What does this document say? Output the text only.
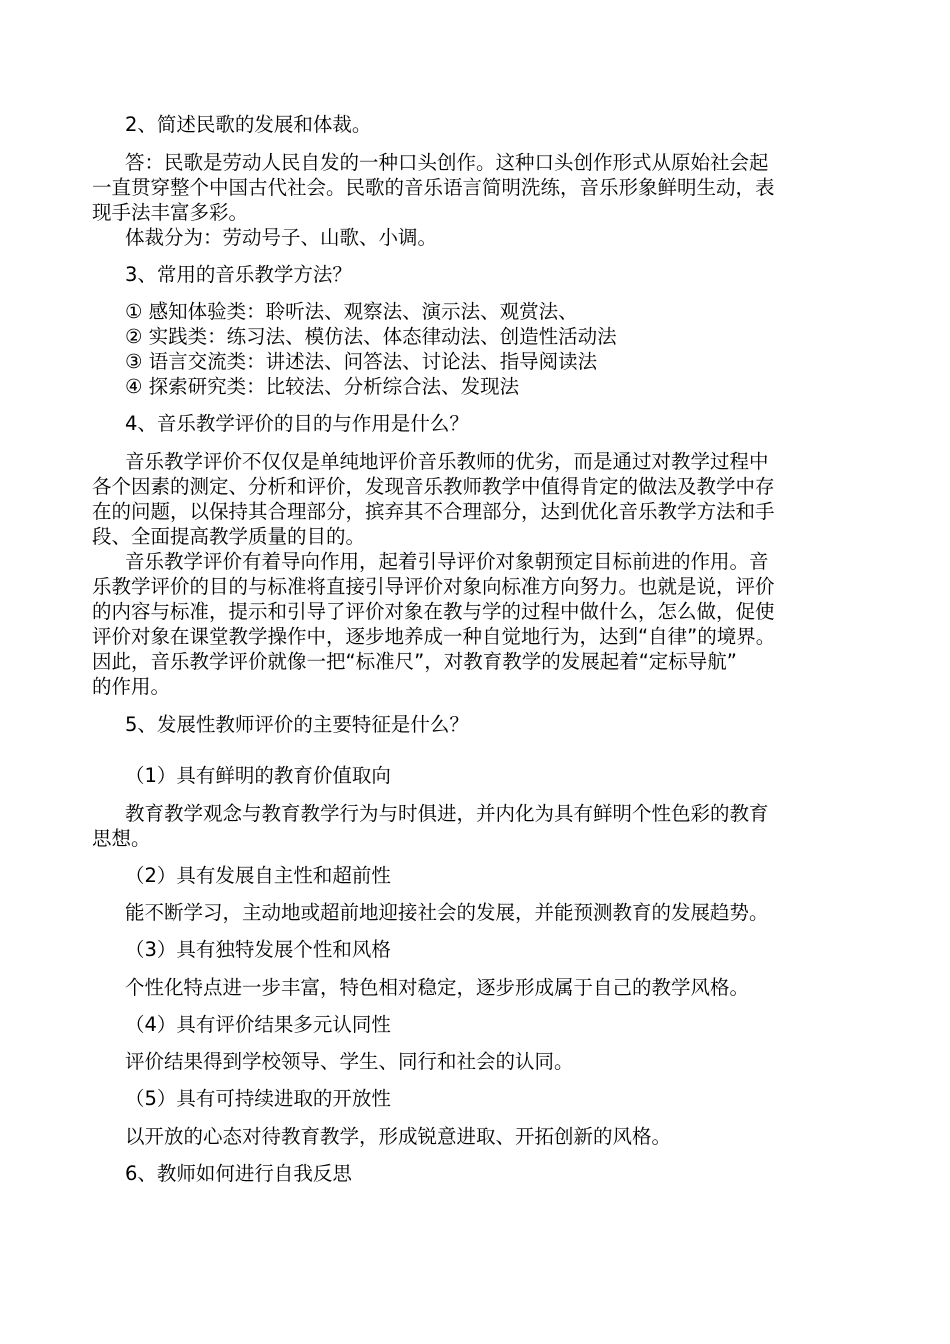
2、简述民歌的发展和体裁。
答：民歌是劳动人民自发的一种口头创作。这种口头创作形式从原始社会起
一直贯穿整个中国古代社会。民歌的音乐语言简明洗练，音乐形象鲜明生动，表
现手法丰富多彩。
体裁分为：劳动号子、山歌、小调。
3、常用的音乐教学方法？
① 感知体验类：聆听法、观察法、演示法、观赏法、
② 实践类：练习法、模仿法、体态律动法、创造性活动法
③ 语言交流类：讲述法、问答法、讨论法、指导阅读法
④ 探索研究类：比较法、分析综合法、发现法
4、音乐教学评价的目的与作用是什么？
音乐教学评价不仅仅是单纯地评价音乐教师的优劣，而是通过对教学过程中
各个因素的测定、分析和评价，发现音乐教师教学中值得肯定的做法及教学中存
在的问题，以保持其合理部分，摈弃其不合理部分，达到优化音乐教学方法和手
段、全面提高教学质量的目的。
音乐教学评价有着导向作用，起着引导评价对象朝预定目标前进的作用。音
乐教学评价的目的与标准将直接引导评价对象向标准方向努力。也就是说，评价
的内容与标准，提示和引导了评价对象在教与学的过程中做什么，怎么做，促使
评价对象在课堂教学操作中，逐步地养成一种自觉地行为，达到“自律”的境界。
因此，音乐教学评价就像一把“标准尺”，对教育教学的发展起着“定标导航”
的作用。
5、发展性教师评价的主要特征是什么？
（1）具有鲜明的教育价值取向
教育教学观念与教育教学行为与时俱进，并内化为具有鲜明个性色彩的教育
思想。
（2）具有发展自主性和超前性
能不断学习，主动地或超前地迎接社会的发展，并能预测教育的发展趋势。
（3）具有独特发展个性和风格
个性化特点进一步丰富，特色相对稳定，逐步形成属于自己的教学风格。
（4）具有评价结果多元认同性
评价结果得到学校领导、学生、同行和社会的认同。
（5）具有可持续进取的开放性
以开放的心态对待教育教学，形成锐意进取、开拓创新的风格。
6、教师如何进行自我反思
